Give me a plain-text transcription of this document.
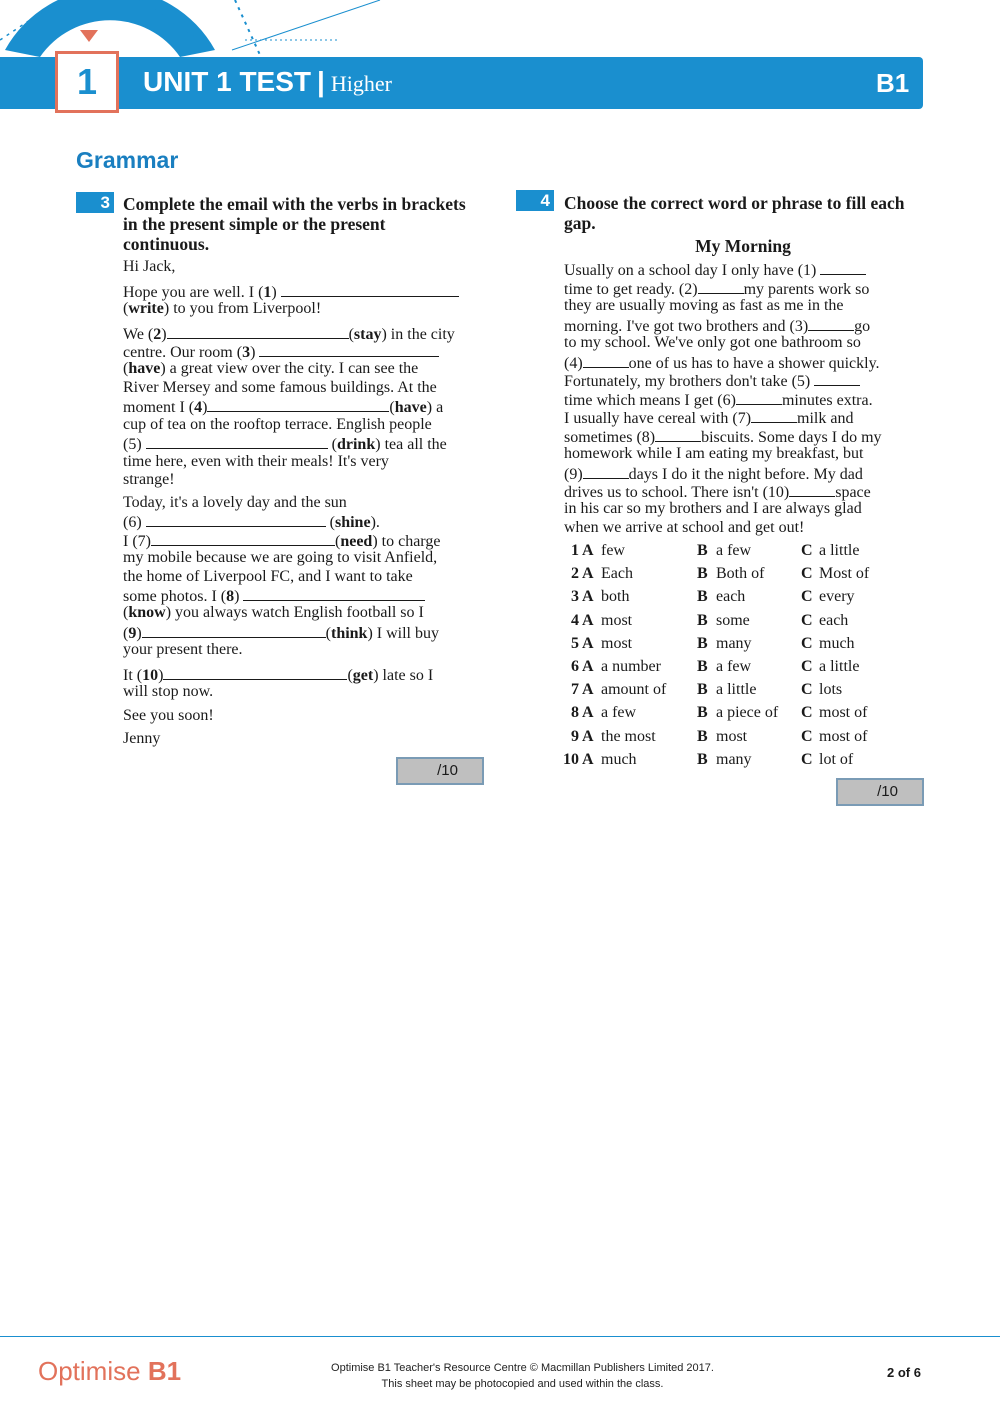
1 UNIT 1 TEST | Higher	B1
Grammar
3 Complete the email with the verbs in brackets in the present simple or the present continuous.
Hi Jack,
Hope you are well. I (1)
(write) to you from Liverpool!
We (2)	(stay) in the city
centre. Our room (3)
(have) a great view over the city. I can see the
River Mersey and some famous buildings. At the
moment I (4)	(have) a
cup of tea on the rooftop terrace. English people
(5)	(drink) tea all the
time here, even with their meals! It's very
strange!
Today, it's a lovely day and the sun
(6)	(shine).
I (7)	(need) to charge
my mobile because we are going to visit Anfield,
the home of Liverpool FC, and I want to take
some photos. I (8)
(know) you always watch English football so I
(9)	(think) I will buy
your present there.
It (10)	(get) late so I
will stop now.
See you soon!
Jenny
/10
4 Choose the correct word or phrase to fill each gap.
My Morning
Usually on a school day I only have (1)
time to get ready. (2)	my parents work so
they are usually moving as fast as me in the
morning. I've got two brothers and (3)	go
to my school. We've only got one bathroom so
(4)	one of us has to have a shower quickly.
Fortunately, my brothers don't take (5)
time which means I get (6)	minutes extra.
I usually have cereal with (7)	milk and
sometimes (8)	biscuits. Some days I do my
homework while I am eating my breakfast, but
(9)	days I do it the night before. My dad
drives us to school. There isn't (10)	space
in his car so my brothers and I are always glad
when we arrive at school and get out!
1 A few	B a few	C a little
2 A Each	B Both of C Most of
3 A both	B each	C every
4 A most	B some	C each
5 A most	B many	C much
6 A a number B a few	C a little
7 A amount of B a little	C lots
8 A a few	B a piece of C most of
9 A the most	B most	C most of
10 A much	B many	C lot of
/10
Optimise B1	Optimise B1 Teacher's Resource Centre © Macmillan Publishers Limited 2017.
This sheet may be photocopied and used within the class.
2 of 6
